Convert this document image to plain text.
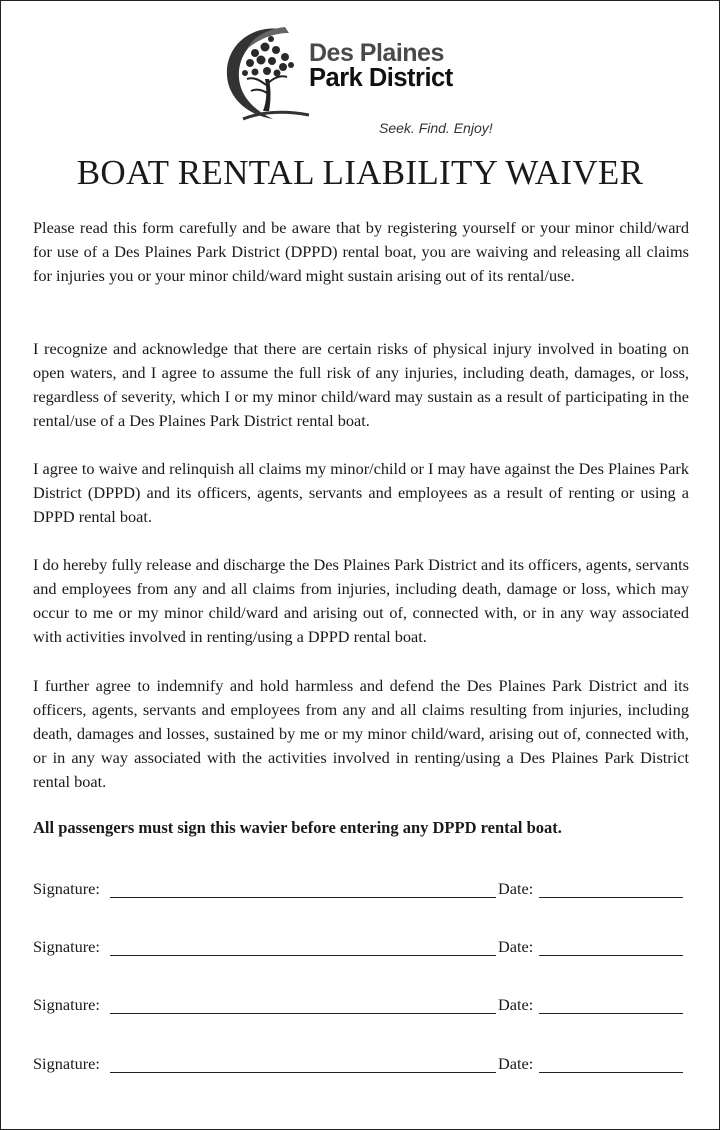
Des Plaines
Park District
Seek. Find. Enjoy!
BOAT RENTAL LIABILITY WAIVER

Please read this form carefully and be aware that by registering yourself or your minor child/ward for use of a Des Plaines Park District (DPPD) rental boat, you are waiving and releasing all claims for injuries you or your minor child/ward might sustain arising out of its rental/use.

I recognize and acknowledge that there are certain risks of physical injury involved in boating on open waters, and I agree to assume the full risk of any injuries, including death, damages, or loss, regardless of severity, which I or my minor child/ward may sustain as a result of participating in the rental/use of a Des Plaines Park District rental boat.

I agree to waive and relinquish all claims my minor/child or I may have against the Des Plaines Park District (DPPD) and its officers, agents, servants and employees as a result of renting or using a DPPD rental boat.

I do hereby fully release and discharge the Des Plaines Park District and its officers, agents, servants and employees from any and all claims from injuries, including death, damage or loss, which may occur to me or my minor child/ward and arising out of, connected with, or in any way associated with activities involved in renting/using a DPPD rental boat.

I further agree to indemnify and hold harmless and defend the Des Plaines Park District and its officers, agents, servants and employees from any and all claims resulting from injuries, including death, damages and losses, sustained by me or my minor child/ward, arising out of, connected with, or in any way associated with the activities involved in renting/using a Des Plaines Park District rental boat.

All passengers must sign this wavier before entering any DPPD rental boat.
Signature:	Date:
Signature:	Date:
Signature:	Date:
Signature:	Date:
